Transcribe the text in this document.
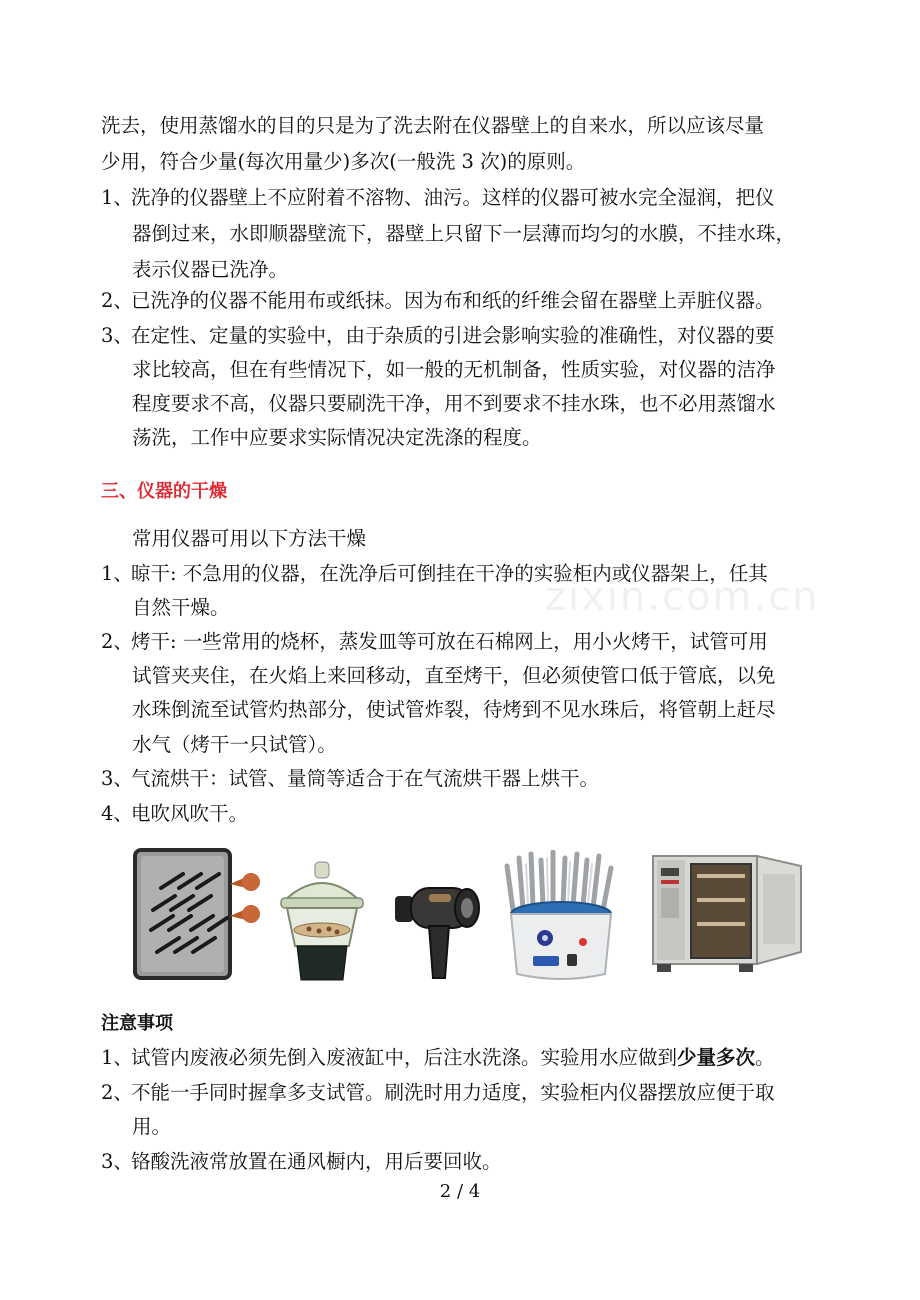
洗去，使用蒸馏水的目的只是为了洗去附在仪器壁上的自来水，所以应该尽量
少用，符合少量(每次用量少)多次(一般洗 3 次)的原则。
1、洗净的仪器壁上不应附着不溶物、油污。这样的仪器可被水完全湿润，把仪
器倒过来，水即顺器壁流下，器壁上只留下一层薄而均匀的水膜，不挂水珠，
表示仪器已洗净。
2、已洗净的仪器不能用布或纸抹。因为布和纸的纤维会留在器壁上弄脏仪器。
3、在定性、定量的实验中，由于杂质的引进会影响实验的准确性，对仪器的要
求比较高，但在有些情况下，如一般的无机制备，性质实验，对仪器的洁净
程度要求不高，仪器只要刷洗干净，用不到要求不挂水珠，也不必用蒸馏水
荡洗，工作中应要求实际情况决定洗涤的程度。
三、仪器的干燥
常用仪器可用以下方法干燥
1、晾干: 不急用的仪器，在洗净后可倒挂在干净的实验柜内或仪器架上，任其
自然干燥。
2、烤干: 一些常用的烧杯，蒸发皿等可放在石棉网上，用小火烤干，试管可用
试管夹夹住，在火焰上来回移动，直至烤干，但必须使管口低于管底，以免
水珠倒流至试管灼热部分，使试管炸裂，待烤到不见水珠后，将管朝上赶尽
水气（烤干一只试管）。
3、气流烘干：试管、量筒等适合于在气流烘干器上烘干。
4、电吹风吹干。
zixin.com.cn
注意事项
1、试管内废液必须先倒入废液缸中，后注水洗涤。实验用水应做到少量多次。
2、不能一手同时握拿多支试管。刷洗时用力适度，实验柜内仪器摆放应便于取
用。
3、铬酸洗液常放置在通风橱内，用后要回收。
2 / 4
